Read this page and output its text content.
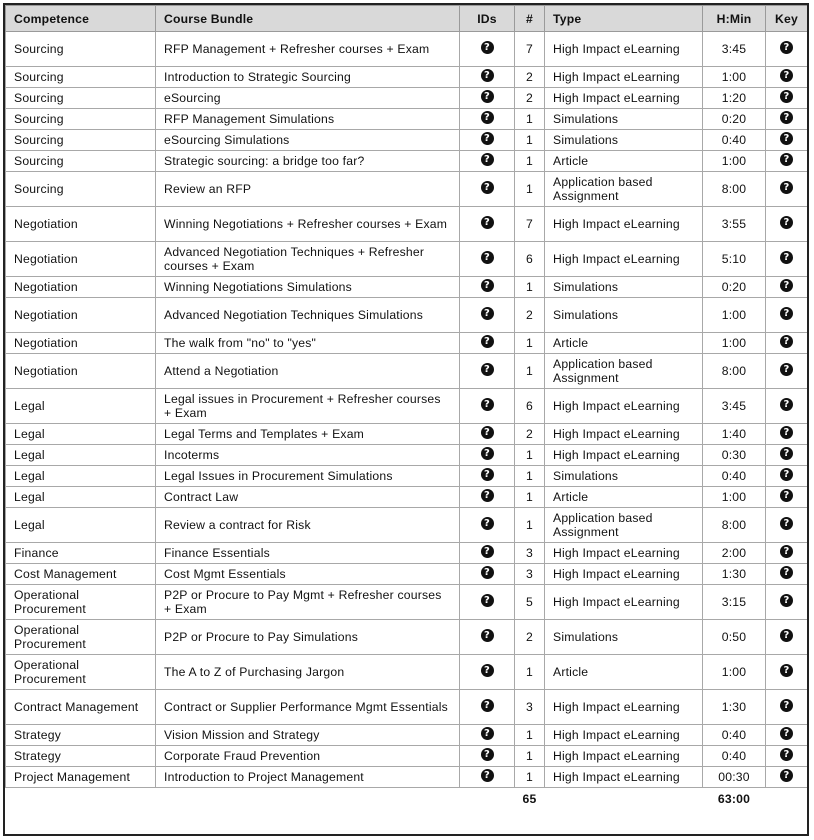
Competence	Course Bundle	IDs	#	Type	H:Min	Key
Sourcing	RFP Management + Refresher courses + Exam	?	7	High Impact eLearning	3:45	?
Sourcing	Introduction to Strategic Sourcing	?	2	High Impact eLearning	1:00	?
Sourcing	eSourcing	?	2	High Impact eLearning	1:20	?
Sourcing	RFP Management Simulations	?	1	Simulations	0:20	?
Sourcing	eSourcing Simulations	?	1	Simulations	0:40	?
Sourcing	Strategic sourcing: a bridge too far?	?	1	Article	1:00	?
Sourcing	Review an RFP	?	1	Application based Assignment	8:00	?
Negotiation	Winning Negotiations + Refresher courses + Exam	?	7	High Impact eLearning	3:55	?
Negotiation	Advanced Negotiation Techniques + Refresher courses + Exam	?	6	High Impact eLearning	5:10	?
Negotiation	Winning Negotiations Simulations	?	1	Simulations	0:20	?
Negotiation	Advanced Negotiation Techniques Simulations	?	2	Simulations	1:00	?
Negotiation	The walk from "no" to "yes"	?	1	Article	1:00	?
Negotiation	Attend a Negotiation	?	1	Application based Assignment	8:00	?
Legal	Legal issues in Procurement + Refresher courses + Exam	?	6	High Impact eLearning	3:45	?
Legal	Legal Terms and Templates + Exam	?	2	High Impact eLearning	1:40	?
Legal	Incoterms	?	1	High Impact eLearning	0:30	?
Legal	Legal Issues in Procurement Simulations	?	1	Simulations	0:40	?
Legal	Contract Law	?	1	Article	1:00	?
Legal	Review a contract for Risk	?	1	Application based Assignment	8:00	?
Finance	Finance Essentials	?	3	High Impact eLearning	2:00	?
Cost Management	Cost Mgmt Essentials	?	3	High Impact eLearning	1:30	?
Operational Procurement	P2P or Procure to Pay Mgmt + Refresher courses + Exam	?	5	High Impact eLearning	3:15	?
Operational Procurement	P2P or Procure to Pay Simulations	?	2	Simulations	0:50	?
Operational Procurement	The A to Z of Purchasing Jargon	?	1	Article	1:00	?
Contract Management	Contract or Supplier Performance Mgmt Essentials	?	3	High Impact eLearning	1:30	?
Strategy	Vision Mission and Strategy	?	1	High Impact eLearning	0:40	?
Strategy	Corporate Fraud Prevention	?	1	High Impact eLearning	0:40	?
Project Management	Introduction to Project Management	?	1	High Impact eLearning	00:30	?
			65		63:00	
